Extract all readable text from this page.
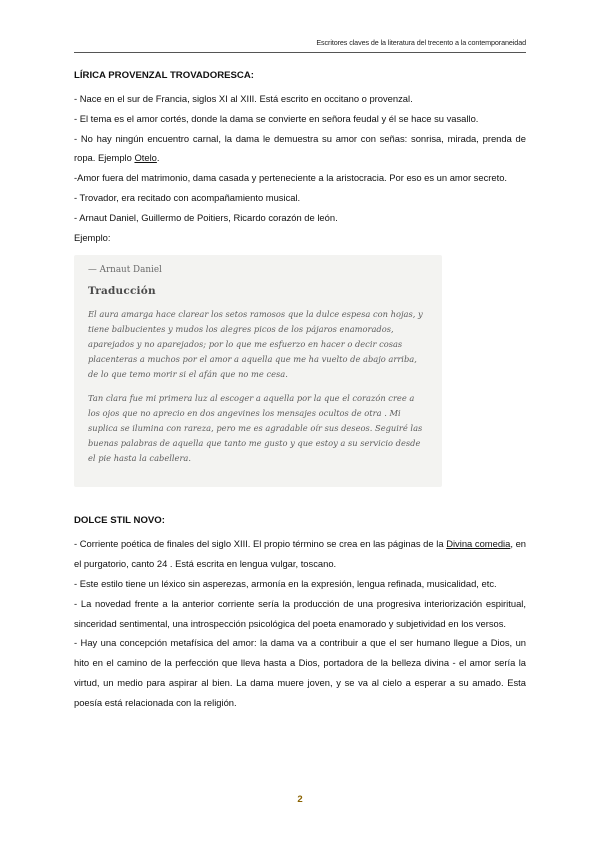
Escritores claves de la literatura del trecento a la contemporaneidad
LÍRICA PROVENZAL TROVADORESCA:

- Nace en el sur de Francia, siglos XI al XIII. Está escrito en occitano o provenzal.

- El tema es el amor cortés, donde la dama se convierte en señora feudal y él se hace su vasallo.

- No hay ningún encuentro carnal, la dama le demuestra su amor con señas: sonrisa, mirada, prenda de ropa. Ejemplo Otelo.

-Amor fuera del matrimonio, dama casada y perteneciente a la aristocracia. Por eso es un amor secreto.

- Trovador, era recitado con acompañamiento musical.

- Arnaut Daniel, Guillermo de Poitiers, Ricardo corazón de león.

Ejemplo:

— Arnaut Daniel
Traducción

El aura amarga hace clarear los setos ramosos que la dulce espesa con hojas, y tiene balbucientes y mudos los alegres picos de los pájaros enamorados, aparejados y no aparejados; por lo que me esfuerzo en hacer o decir cosas placenteras a muchos por el amor a aquella que me ha vuelto de abajo arriba, de lo que temo morir si el afán que no me cesa.

Tan clara fue mi primera luz al escoger a aquella por la que el corazón cree a los ojos que no aprecio en dos angevines los mensajes ocultos de otra . Mi suplica se ilumina con rareza, pero me es agradable oír sus deseos. Seguiré las buenas palabras de aquella que tanto me gusto y que estoy a su servicio desde el pie hasta la cabellera.

DOLCE STIL NOVO:

- Corriente poética de finales del siglo XIII. El propio término se crea en las páginas de la Divina comedia, en el purgatorio, canto 24 . Está escrita en lengua vulgar, toscano.

- Este estilo tiene un léxico sin asperezas, armonía en la expresión, lengua refinada, musicalidad, etc.

- La novedad frente a la anterior corriente sería la producción de una progresiva interiorización espiritual, sinceridad sentimental, una introspección psicológica del poeta enamorado y subjetividad en los versos.

- Hay una concepción metafísica del amor: la dama va a contribuir a que el ser humano llegue a Dios, un hito en el camino de la perfección que lleva hasta a Dios, portadora de la belleza divina - el amor sería la virtud, un medio para aspirar al bien. La dama muere joven, y se va al cielo a esperar a su amado. Esta poesía está relacionada con la religión.

2
